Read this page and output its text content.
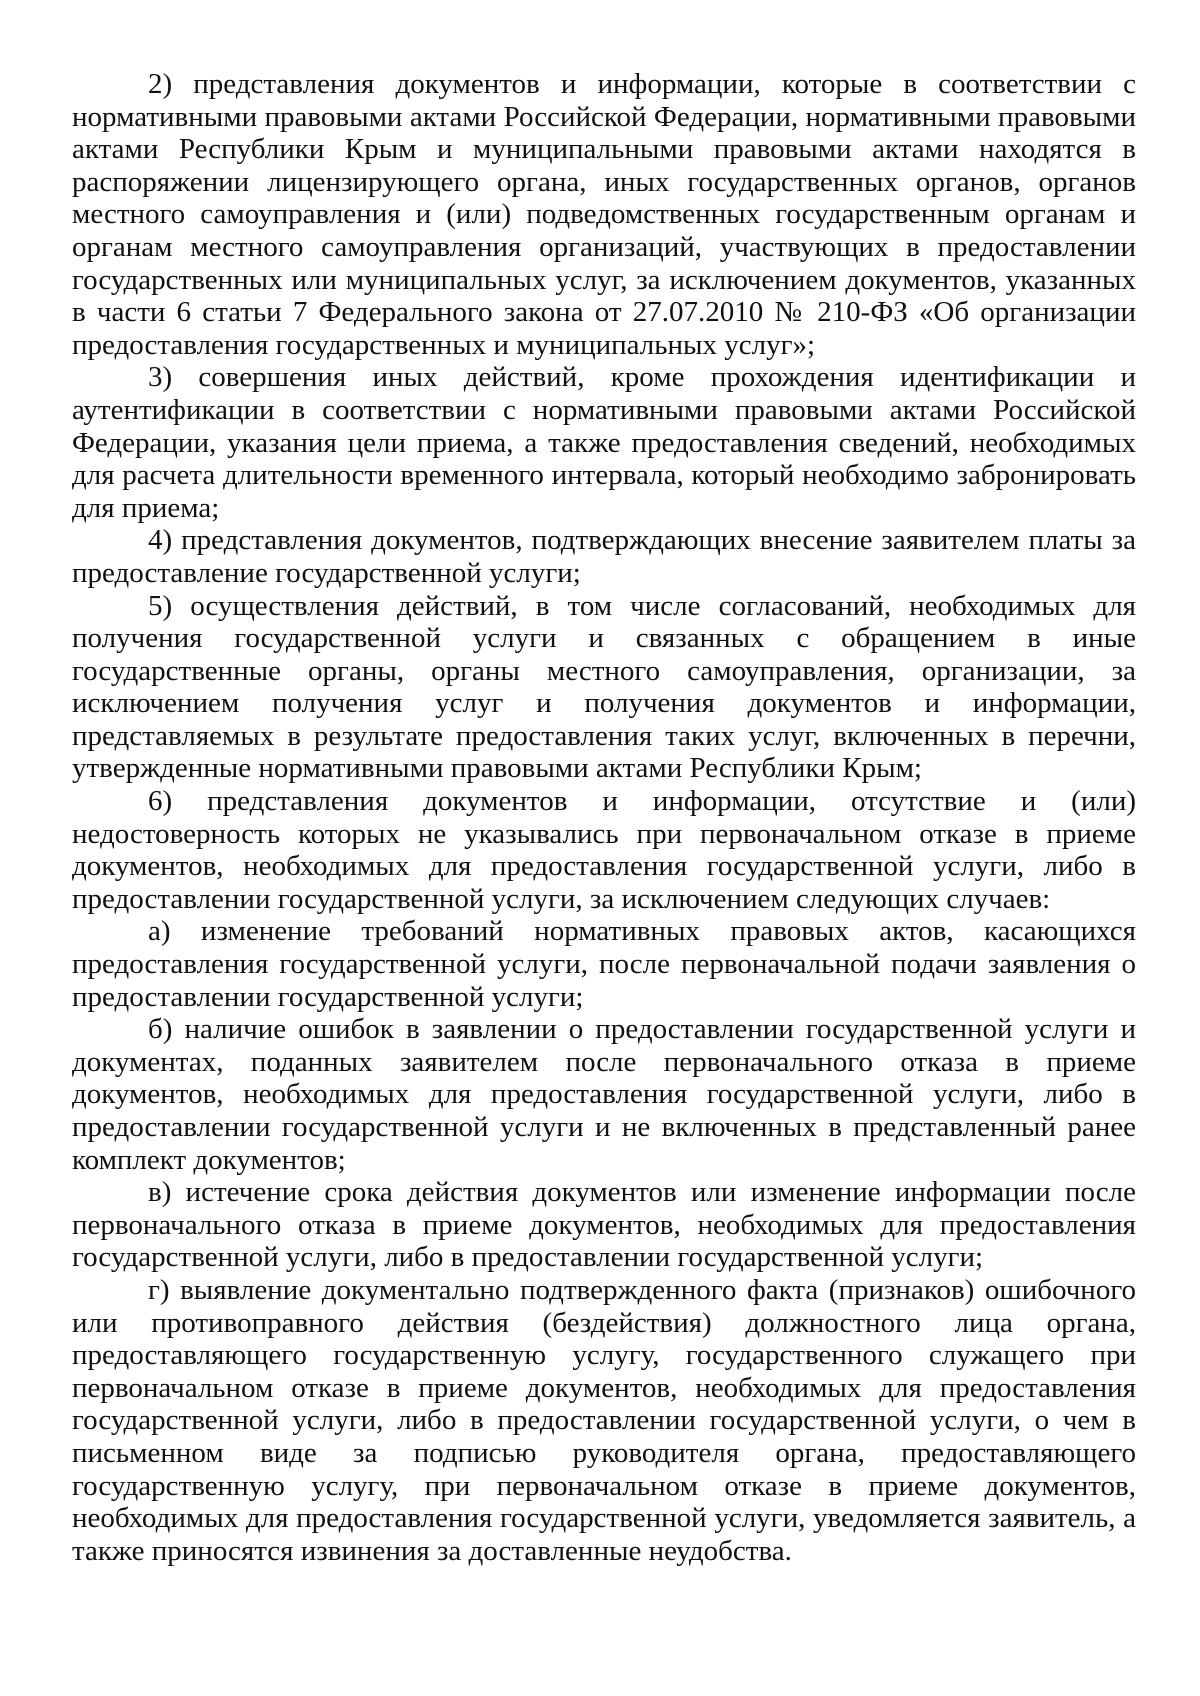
2) представления документов и информации, которые в соответствии с нормативными правовыми актами Российской Федерации, нормативными правовыми актами Республики Крым и муниципальными правовыми актами находятся в распоряжении лицензирующего органа, иных государственных органов, органов местного самоуправления и (или) подведомственных государственным органам и органам местного самоуправления организаций, участвующих в предоставлении государственных или муниципальных услуг, за исключением документов, указанных в части 6 статьи 7 Федерального закона от 27.07.2010 № 210-ФЗ «Об организации предоставления государственных и муниципальных услуг»;

3) совершения иных действий, кроме прохождения идентификации и аутентификации в соответствии с нормативными правовыми актами Российской Федерации, указания цели приема, а также предоставления сведений, необходимых для расчета длительности временного интервала, который необходимо забронировать для приема;

4) представления документов, подтверждающих внесение заявителем платы за предоставление государственной услуги;

5) осуществления действий, в том числе согласований, необходимых для получения государственной услуги и связанных с обращением в иные государственные органы, органы местного самоуправления, организации, за исключением получения услуг и получения документов и информации, представляемых в результате предоставления таких услуг, включенных в перечни, утвержденные нормативными правовыми актами Республики Крым;

6) представления документов и информации, отсутствие и (или) недостоверность которых не указывались при первоначальном отказе в приеме документов, необходимых для предоставления государственной услуги, либо в предоставлении государственной услуги, за исключением следующих случаев:

а) изменение требований нормативных правовых актов, касающихся предоставления государственной услуги, после первоначальной подачи заявления о предоставлении государственной услуги;

б) наличие ошибок в заявлении о предоставлении государственной услуги и документах, поданных заявителем после первоначального отказа в приеме документов, необходимых для предоставления государственной услуги, либо в предоставлении государственной услуги и не включенных в представленный ранее комплект документов;

в) истечение срока действия документов или изменение информации после первоначального отказа в приеме документов, необходимых для предоставления государственной услуги, либо в предоставлении государственной услуги;

г) выявление документально подтвержденного факта (признаков) ошибочного или противоправного действия (бездействия) должностного лица органа, предоставляющего государственную услугу, государственного служащего при первоначальном отказе в приеме документов, необходимых для предоставления государственной услуги, либо в предоставлении государственной услуги, о чем в письменном виде за подписью руководителя органа, предоставляющего государственную услугу, при первоначальном отказе в приеме документов, необходимых для предоставления государственной услуги, уведомляется заявитель, а также приносятся извинения за доставленные неудобства.
